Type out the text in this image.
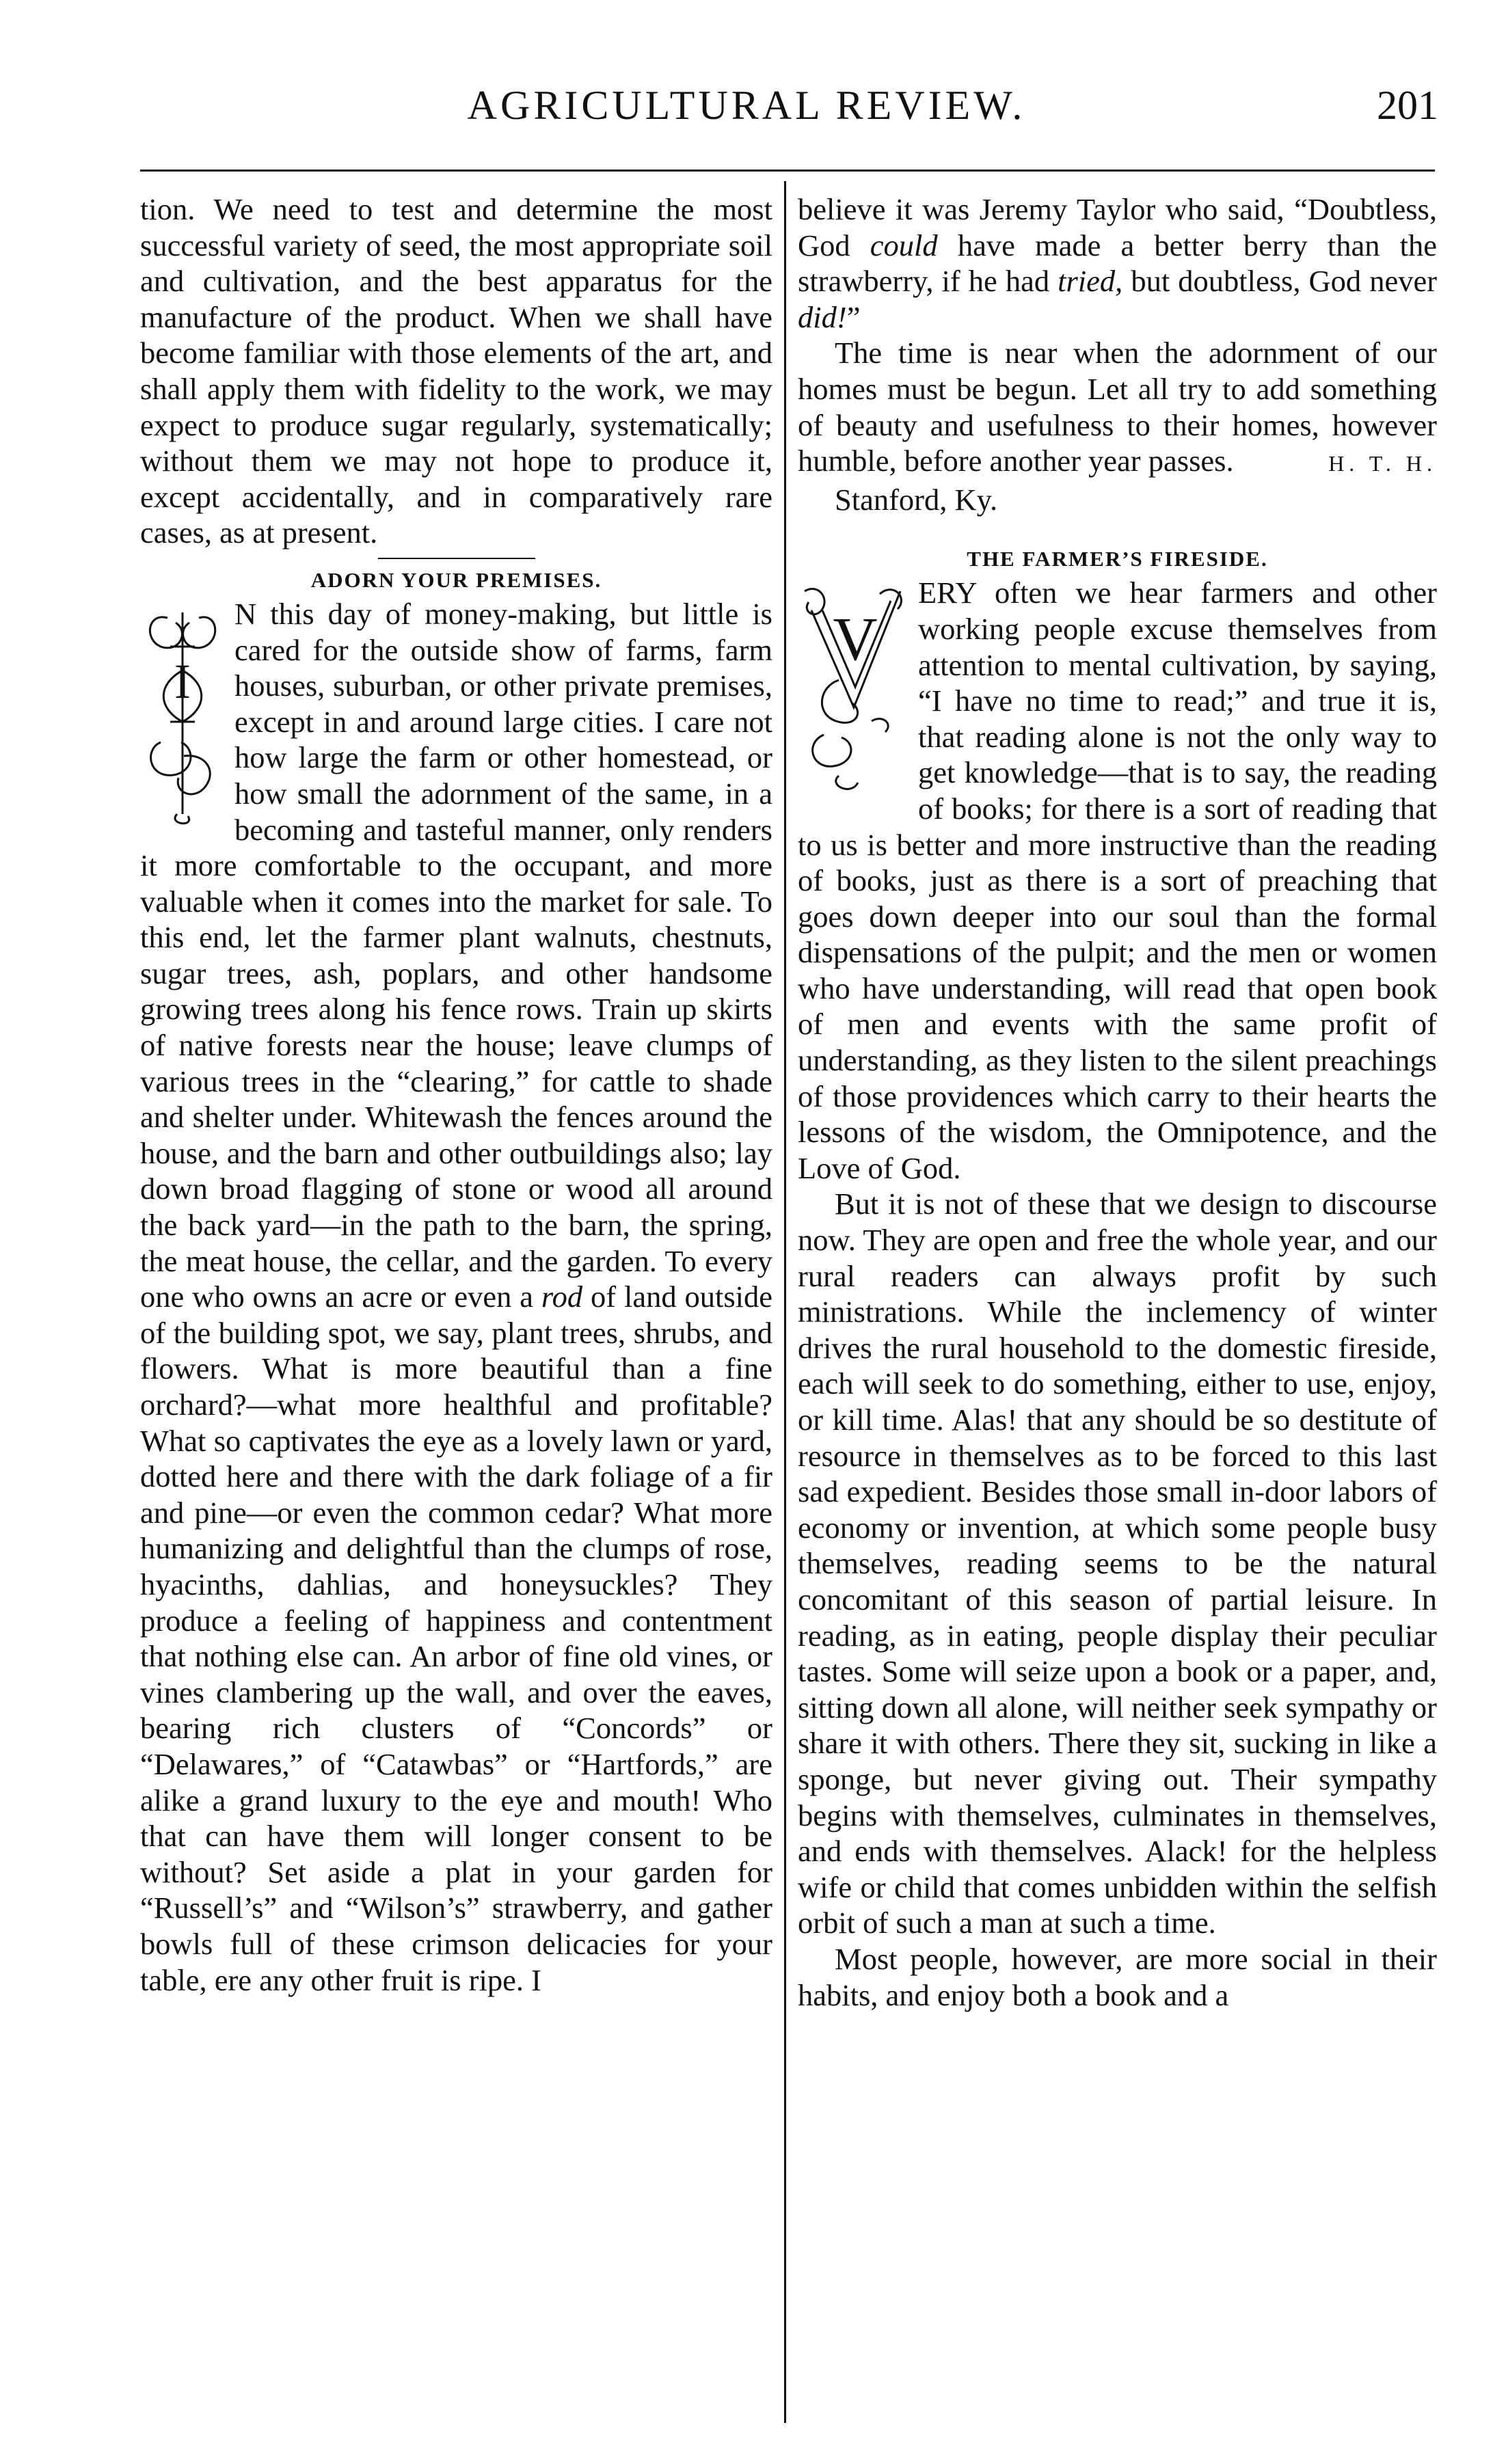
AGRICULTURAL REVIEW.	201

tion. We need to test and determine the most successful variety of seed, the most appropriate soil and cultivation, and the best apparatus for the manufacture of the product. When we shall have become familiar with those elements of the art, and shall apply them with fidelity to the work, we may expect to produce sugar regularly, systematically; without them we may not hope to produce it, except accidentally, and in comparatively rare cases, as at present.

ADORN YOUR PREMISES.

I
N this day of money-making, but little is cared for the outside show of farms, farm houses, suburban, or other private premises, except in and around large cities. I care not how large the farm or other homestead, or how small the adornment of the same, in a becoming and tasteful manner, only renders it more comfortable to the occupant, and more valuable when it comes into the market for sale. To this end, let the farmer plant walnuts, chestnuts, sugar trees, ash, poplars, and other handsome growing trees along his fence rows. Train up skirts of native forests near the house; leave clumps of various trees in the “clearing,” for cattle to shade and shelter under. Whitewash the fences around the house, and the barn and other outbuildings also; lay down broad flagging of stone or wood all around the back yard—in the path to the barn, the spring, the meat house, the cellar, and the garden. To every one who owns an acre or even a rod of land outside of the building spot, we say, plant trees, shrubs, and flowers. What is more beautiful than a fine orchard?—what more healthful and profitable? What so captivates the eye as a lovely lawn or yard, dotted here and there with the dark foliage of a fir and pine—or even the common cedar? What more humanizing and delightful than the clumps of rose, hyacinths, dahlias, and honeysuckles? They produce a feeling of happiness and contentment that nothing else can. An arbor of fine old vines, or vines clambering up the wall, and over the eaves, bearing rich clusters of “Concords” or “Delawares,” of “Catawbas” or “Hartfords,” are alike a grand luxury to the eye and mouth! Who that can have them will longer consent to be without? Set aside a plat in your garden for “Russell’s” and “Wilson’s” strawberry, and gather bowls full of these crimson delicacies for your table, ere any other fruit is ripe. I

believe it was Jeremy Taylor who said, “Doubtless, God could have made a better berry than the strawberry, if he had tried, but doubtless, God never did!”

The time is near when the adornment of our homes must be begun. Let all try to add something of beauty and usefulness to their homes, however humble, before another year passes.	H. T. H.

Stanford, Ky.

THE FARMER’S FIRESIDE.

V
ERY often we hear farmers and other working people excuse themselves from attention to mental cultivation, by saying, “I have no time to read;” and true it is, that reading alone is not the only way to get knowledge—that is to say, the reading of books; for there is a sort of reading that to us is better and more instructive than the reading of books, just as there is a sort of preaching that goes down deeper into our soul than the formal dispensations of the pulpit; and the men or women who have understanding, will read that open book of men and events with the same profit of understanding, as they listen to the silent preachings of those providences which carry to their hearts the lessons of the wisdom, the Omnipotence, and the Love of God.

But it is not of these that we design to discourse now. They are open and free the whole year, and our rural readers can always profit by such ministrations. While the inclemency of winter drives the rural household to the domestic fireside, each will seek to do something, either to use, enjoy, or kill time. Alas! that any should be so destitute of resource in themselves as to be forced to this last sad expedient. Besides those small in-door labors of economy or invention, at which some people busy themselves, reading seems to be the natural concomitant of this season of partial leisure. In reading, as in eating, people display their peculiar tastes. Some will seize upon a book or a paper, and, sitting down all alone, will neither seek sympathy or share it with others. There they sit, sucking in like a sponge, but never giving out. Their sympathy begins with themselves, culminates in themselves, and ends with themselves. Alack! for the helpless wife or child that comes unbidden within the selfish orbit of such a man at such a time.

Most people, however, are more social in their habits, and enjoy both a book and a
